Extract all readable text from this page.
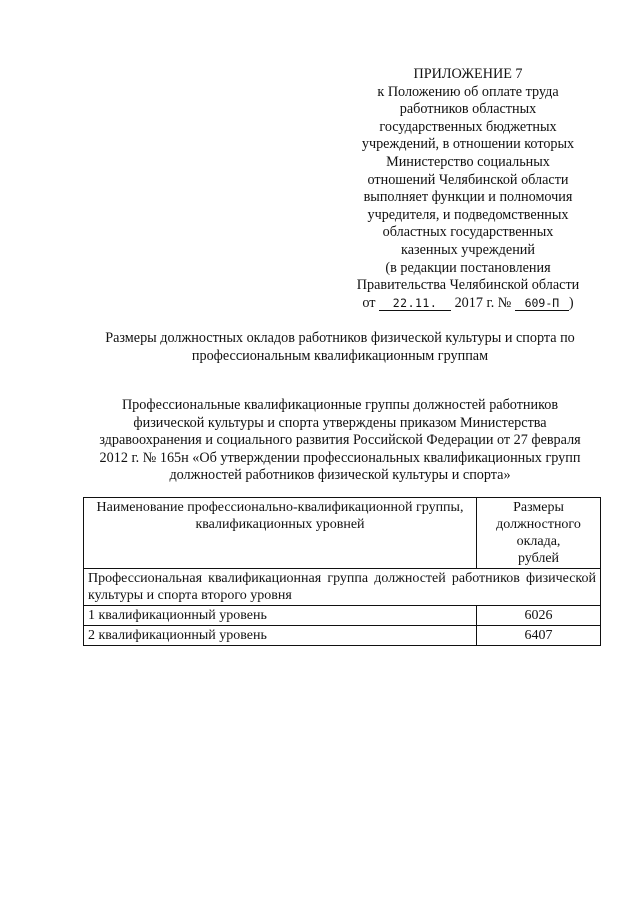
ПРИЛОЖЕНИЕ 7
к Положению об оплате труда
работников областных
государственных бюджетных
учреждений, в отношении которых
Министерство социальных
отношений Челябинской области
выполняет функции и полномочия
учредителя, и подведомственных
областных государственных
казенных учреждений
(в редакции постановления
Правительства Челябинской области
от 22.11. 2017 г. № 609-П )
Размеры должностных окладов работников физической культуры и спорта по
профессиональным квалификационным группам
Профессиональные квалификационные группы должностей работников
физической культуры и спорта утверждены приказом Министерства
здравоохранения и социального развития Российской Федерации от 27 февраля
2012 г. № 165н «Об утверждении профессиональных квалификационных групп
должностей работников физической культуры и спорта»
Наименование профессионально-квалификационной группы, квалификационных уровней	Размеры
должностного
оклада,
рублей

Профессиональная квалификационная группа должностей работников физической культуры и спорта второго уровня	
1 квалификационный уровень	6026
2 квалификационный уровень	6407
